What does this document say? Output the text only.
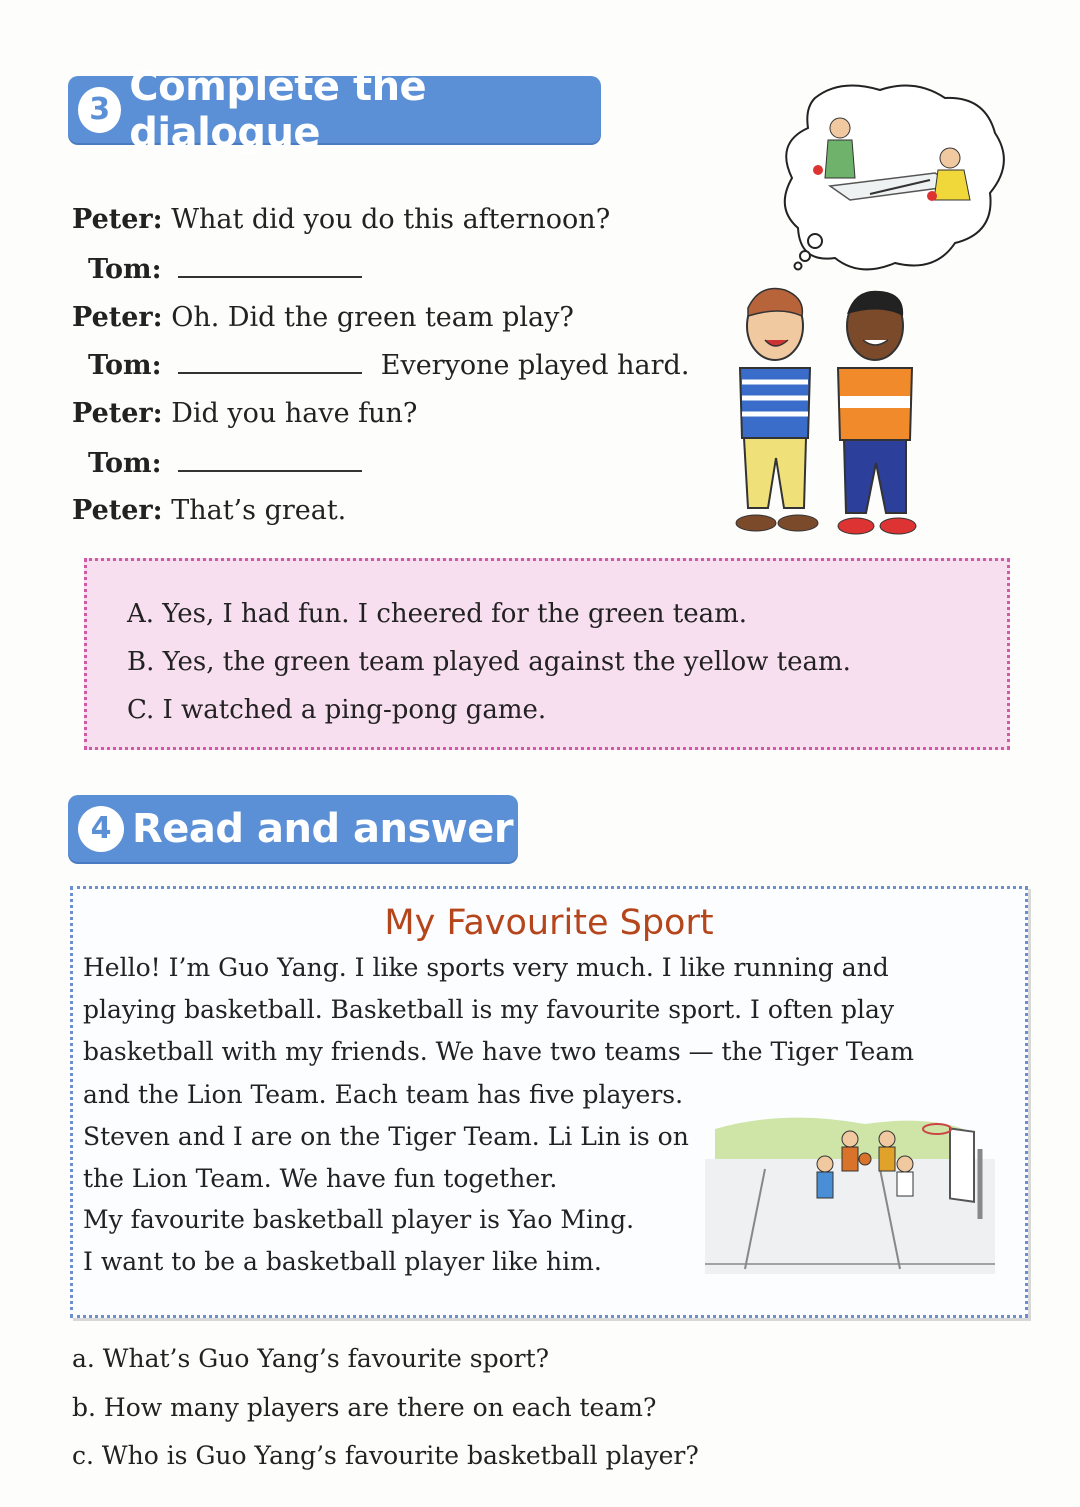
3 Complete the dialogue
Peter: What did you do this afternoon?
Tom:
Peter: Oh. Did the green team play?
Tom:	Everyone played hard.
Peter: Did you have fun?
Tom:
Peter: That’s great.
A. Yes, I had fun. I cheered for the green team.
B. Yes, the green team played against the yellow team.
C. I watched a ping-pong game.
4 Read and answer
My Favourite Sport
Hello! I’m Guo Yang. I like sports very much. I like running and
playing basketball. Basketball is my favourite sport. I often play
basketball with my friends. We have two teams — the Tiger Team
and the Lion Team. Each team has five players.
Steven and I are on the Tiger Team. Li Lin is on
the Lion Team. We have fun together.
My favourite basketball player is Yao Ming.
I want to be a basketball player like him.
a. What’s Guo Yang’s favourite sport?
b. How many players are there on each team?
c. Who is Guo Yang’s favourite basketball player?
